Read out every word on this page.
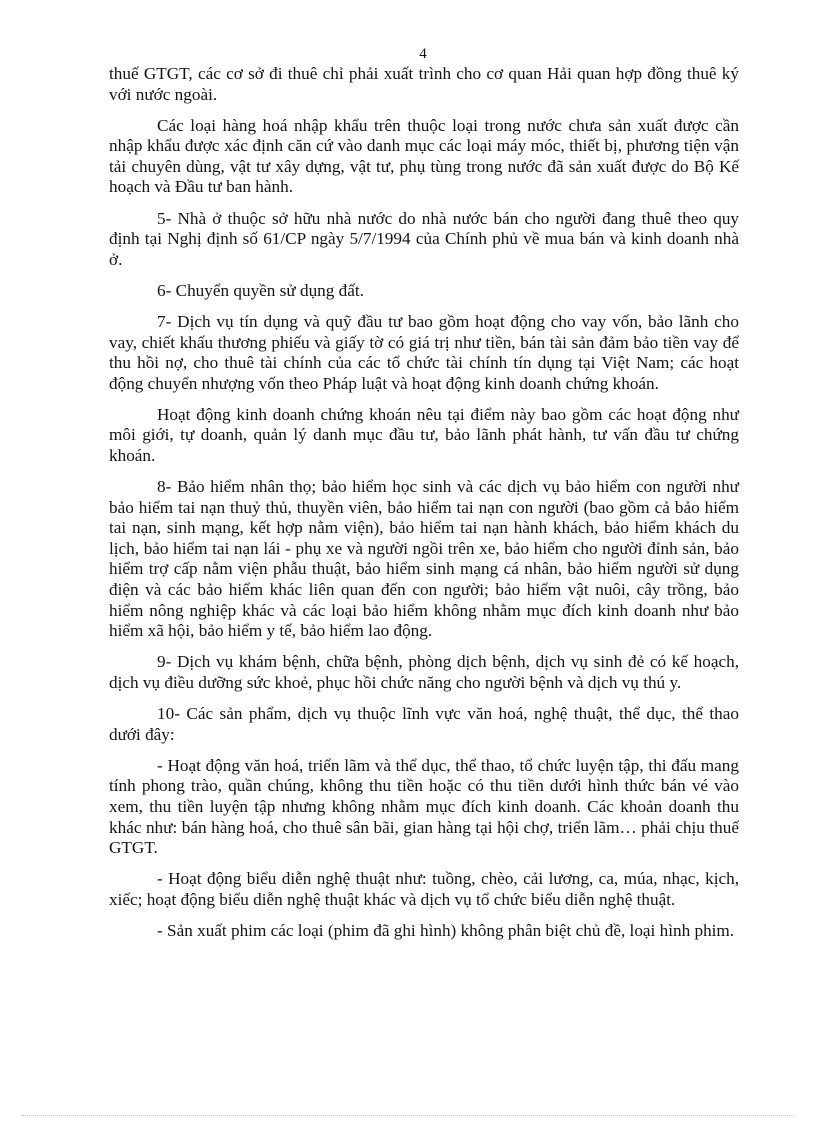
4

thuế GTGT, các cơ sở đi thuê chỉ phải xuất trình cho cơ quan Hải quan hợp đồng thuê ký với nước ngoài.

Các loại hàng hoá nhập khẩu trên thuộc loại trong nước chưa sản xuất được cần nhập khẩu được xác định căn cứ vào danh mục các loại máy móc, thiết bị, phương tiện vận tải chuyên dùng, vật tư xây dựng, vật tư, phụ tùng trong nước đã sản xuất được do Bộ Kế hoạch và Đầu tư ban hành.

5- Nhà ở thuộc sở hữu nhà nước do nhà nước bán cho người đang thuê theo quy định tại Nghị định số 61/CP ngày 5/7/1994 của Chính phủ về mua bán và kinh doanh nhà ở.

6- Chuyển quyền sử dụng đất.

7- Dịch vụ tín dụng và quỹ đầu tư bao gồm hoạt động cho vay vốn, bảo lãnh cho vay, chiết khấu thương phiếu và giấy tờ có giá trị như tiền, bán tài sản đảm bảo tiền vay để thu hồi nợ, cho thuê tài chính của các tổ chức tài chính tín dụng tại Việt Nam; các hoạt động chuyển nhượng vốn theo Pháp luật và hoạt động kinh doanh chứng khoán.

Hoạt động kinh doanh chứng khoán nêu tại điểm này bao gồm các hoạt động như môi giới, tự doanh, quản lý danh mục đầu tư, bảo lãnh phát hành, tư vấn đầu tư chứng khoán.

8- Bảo hiểm nhân thọ; bảo hiểm học sinh và các dịch vụ bảo hiểm con người như bảo hiểm tai nạn thuỷ thủ, thuyền viên, bảo hiểm tai nạn con người (bao gồm cả bảo hiểm tai nạn, sinh mạng, kết hợp nằm viện), bảo hiểm tai nạn hành khách, bảo hiểm khách du lịch, bảo hiểm tai nạn lái - phụ xe và người ngồi trên xe, bảo hiểm cho người đỉnh sản, bảo hiểm trợ cấp nằm viện phẫu thuật, bảo hiểm sinh mạng cá nhân, bảo hiểm người sử dụng điện và các bảo hiểm khác liên quan đến con người; bảo hiểm vật nuôi, cây trồng, bảo hiểm nông nghiệp khác và các loại bảo hiểm không nhằm mục đích kinh doanh như bảo hiểm xã hội, bảo hiểm y tế, bảo hiểm lao động.

9- Dịch vụ khám bệnh, chữa bệnh, phòng dịch bệnh, dịch vụ sinh đẻ có kế hoạch, dịch vụ điều dưỡng sức khoẻ, phục hồi chức năng cho người bệnh và dịch vụ thú y.

10- Các sản phẩm, dịch vụ thuộc lĩnh vực văn hoá, nghệ thuật, thể dục, thể thao dưới đây:

- Hoạt động văn hoá, triển lãm và thể dục, thể thao, tổ chức luyện tập, thi đấu mang tính phong trào, quần chúng, không thu tiền hoặc có thu tiền dưới hình thức bán vé vào xem, thu tiền luyện tập nhưng không nhằm mục đích kinh doanh. Các khoản doanh thu khác như: bán hàng hoá, cho thuê sân bãi, gian hàng tại hội chợ, triển lãm… phải chịu thuế GTGT.

- Hoạt động biểu diễn nghệ thuật như: tuồng, chèo, cải lương, ca, múa, nhạc, kịch, xiếc; hoạt động biểu diễn nghệ thuật khác và dịch vụ tổ chức biểu diễn nghệ thuật.

- Sản xuất phim các loại (phim đã ghi hình) không phân biệt chủ đề, loại hình phim.
